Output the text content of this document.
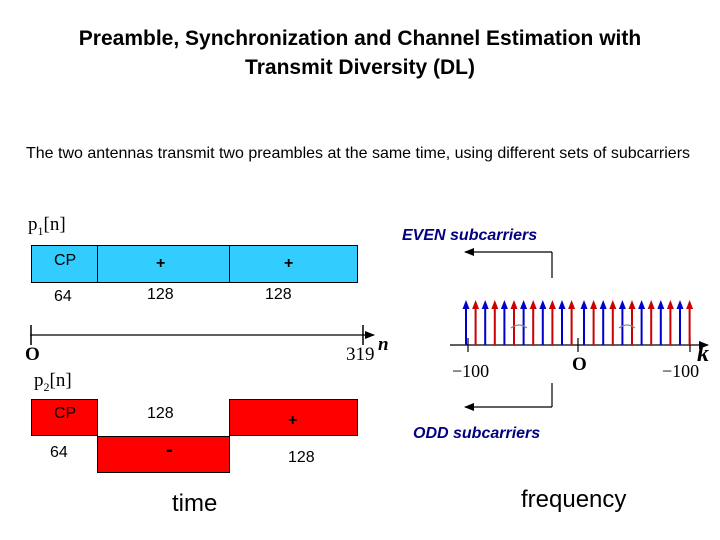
Preamble, Synchronization and Channel Estimation with
Transmit Diversity (DL)
The two antennas transmit two preambles at the same time, using different sets of subcarriers
$p_1[n]$
CP	+	+
64	128	128
O	319 n
$p_2[n]$
CP	128
-
+
64	128
time
EVEN subcarriers
ODD subcarriers
−100	O	−100
k
frequency
